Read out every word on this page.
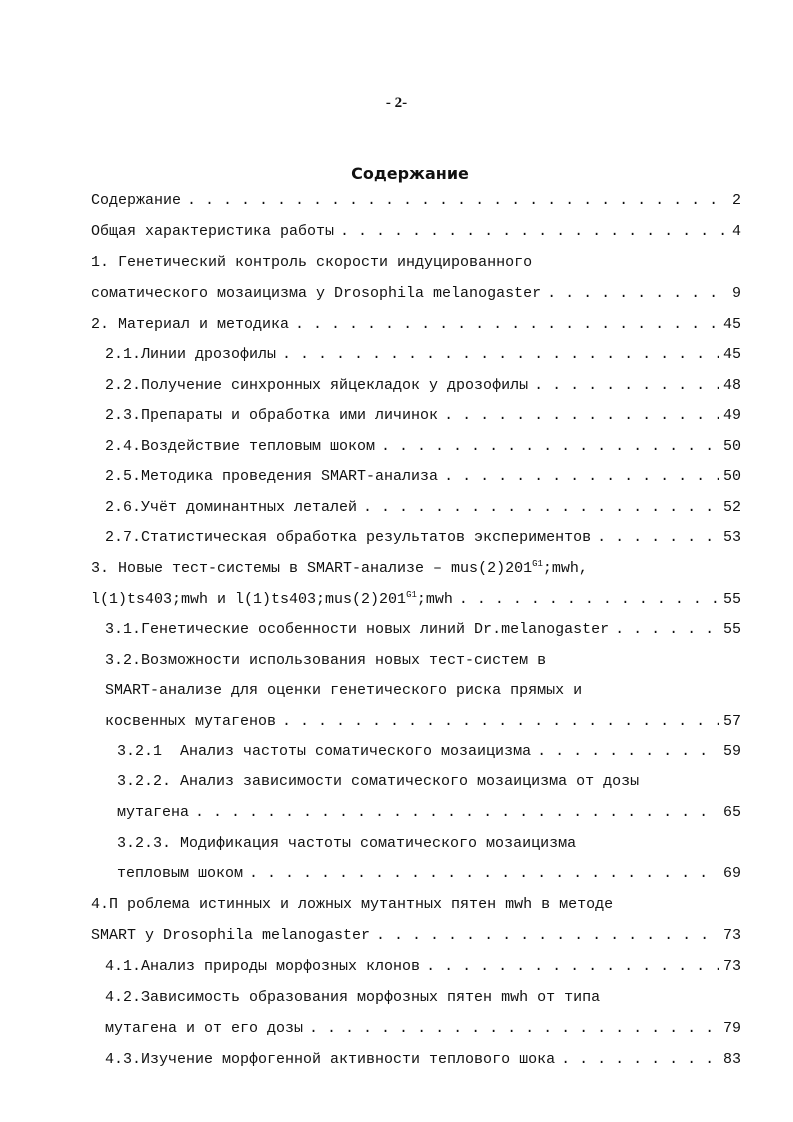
- 2-
Содержание
Содержание . . .	2
Общая характеристика работы . . .	4
1. Генетический контроль скорости индуцированного
соматического мозаицизма у Drosophila melanogaster . . .	9
2. Материал и методика . . .	45
2.1.Линии дрозофилы . . .	45
2.2.Получение синхронных яйцекладок у дрозофилы . . .	48
2.3.Препараты и обработка ими личинок . . .	49
2.4.Воздействие тепловым шоком . . .	50
2.5.Методика проведения SMART-анализа . . .	50
2.6.Учёт доминантных леталей . . .	52
2.7.Статистическая обработка результатов экспериментов . . .	53
3. Новые тест-системы в SMART-анализе – $mus(2)201^{G1};mwh$,
l(1)ts403;mwh и $l(1)ts403;mus(2)201^{G1};mwh$ . . .	55
3.1.Генетические особенности новых линий Dr.melanogaster . . .	55
3.2.Возможности использования новых тест-систем в
SMART-анализе для оценки генетического риска прямых и
косвенных мутагенов . . .	57
3.2.1  Анализ частоты соматического мозаицизма . . .	59
3.2.2. Анализ зависимости соматического мозаицизма от дозы
мутагена . . .	65
3.2.3. Модификация частоты соматического мозаицизма
тепловым шоком . . .	69
4.П роблема истинных и ложных мутантных пятен mwh в методе
SMART у Drosophila melanogaster . . .	73
4.1.Анализ природы морфозных клонов . . .	73
4.2.Зависимость образования морфозных пятен mwh от типа
мутагена и от его дозы . . .	79
4.3.Изучение морфогенной активности теплового шока . . .	83
